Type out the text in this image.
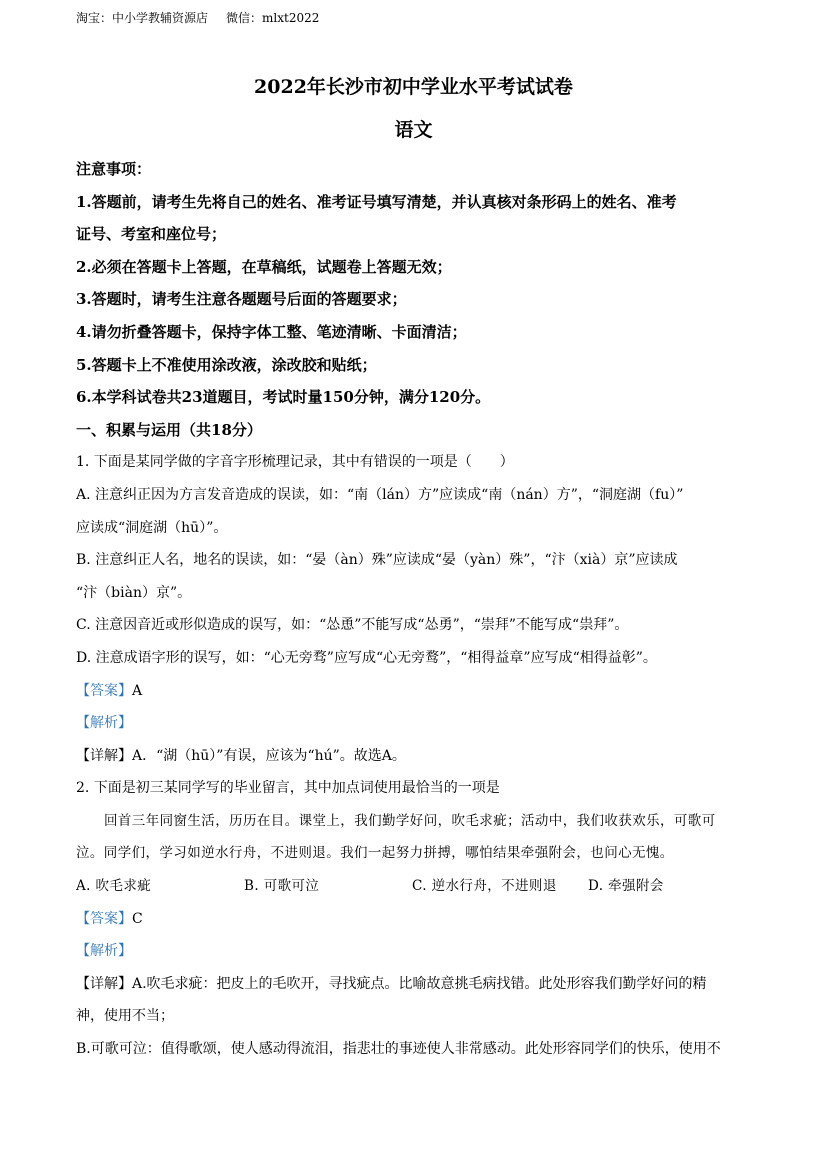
淘宝：中小学教辅资源店 微信：mlxt2022
2022年长沙市初中学业水平考试试卷
语文
注意事项：
1.答题前，请考生先将自己的姓名、准考证号填写清楚，并认真核对条形码上的姓名、准考
证号、考室和座位号；
2.必须在答题卡上答题，在草稿纸，试题卷上答题无效；
3.答题时，请考生注意各题题号后面的答题要求；
4.请勿折叠答题卡，保持字体工整、笔迹清晰、卡面清洁；
5.答题卡上不准使用涂改液，涂改胶和贴纸；
6.本学科试卷共23道题目，考试时量150分钟，满分120分。
一、积累与运用（共18分）
1. 下面是某同学做的字音字形梳理记录，其中有错误的一项是（　　）
A. 注意纠正因为方言发音造成的误读，如：“南（lán）方”应读成“南（nán）方”，“洞庭湖（fu）”
应读成“洞庭湖（hū）”。
B. 注意纠正人名，地名的误读，如：“晏（àn）殊”应读成“晏（yàn）殊”，“汴（xià）京”应读成
“汴（biàn）京”。
C. 注意因音近或形似造成的误写，如：“怂恿”不能写成“怂勇”，“崇拜”不能写成“祟拜”。
D. 注意成语字形的误写，如：“心无旁骛”应写成“心无旁鹜”，“相得益章”应写成“相得益彰”。
【答案】A
【解析】
【详解】A．“湖（hū）”有误，应该为“hú”。故选A。
2. 下面是初三某同学写的毕业留言，其中加点词使用最恰当的一项是
回首三年同窗生活，历历在目。课堂上，我们勤学好问，吹毛求疵；活动中，我们收获欢乐，可歌可
泣。同学们，学习如逆水行舟，不进则退。我们一起努力拼搏，哪怕结果牵强附会，也问心无愧。
A. 吹毛求疵	B. 可歌可泣	C. 逆水行舟，不进则退 D. 牵强附会
【答案】C
【解析】
【详解】A.吹毛求疵：把皮上的毛吹开，寻找疵点。比喻故意挑毛病找错。此处形容我们勤学好问的精
神，使用不当；
B.可歌可泣：值得歌颂，使人感动得流泪，指悲壮的事迹使人非常感动。此处形容同学们的快乐，使用不
